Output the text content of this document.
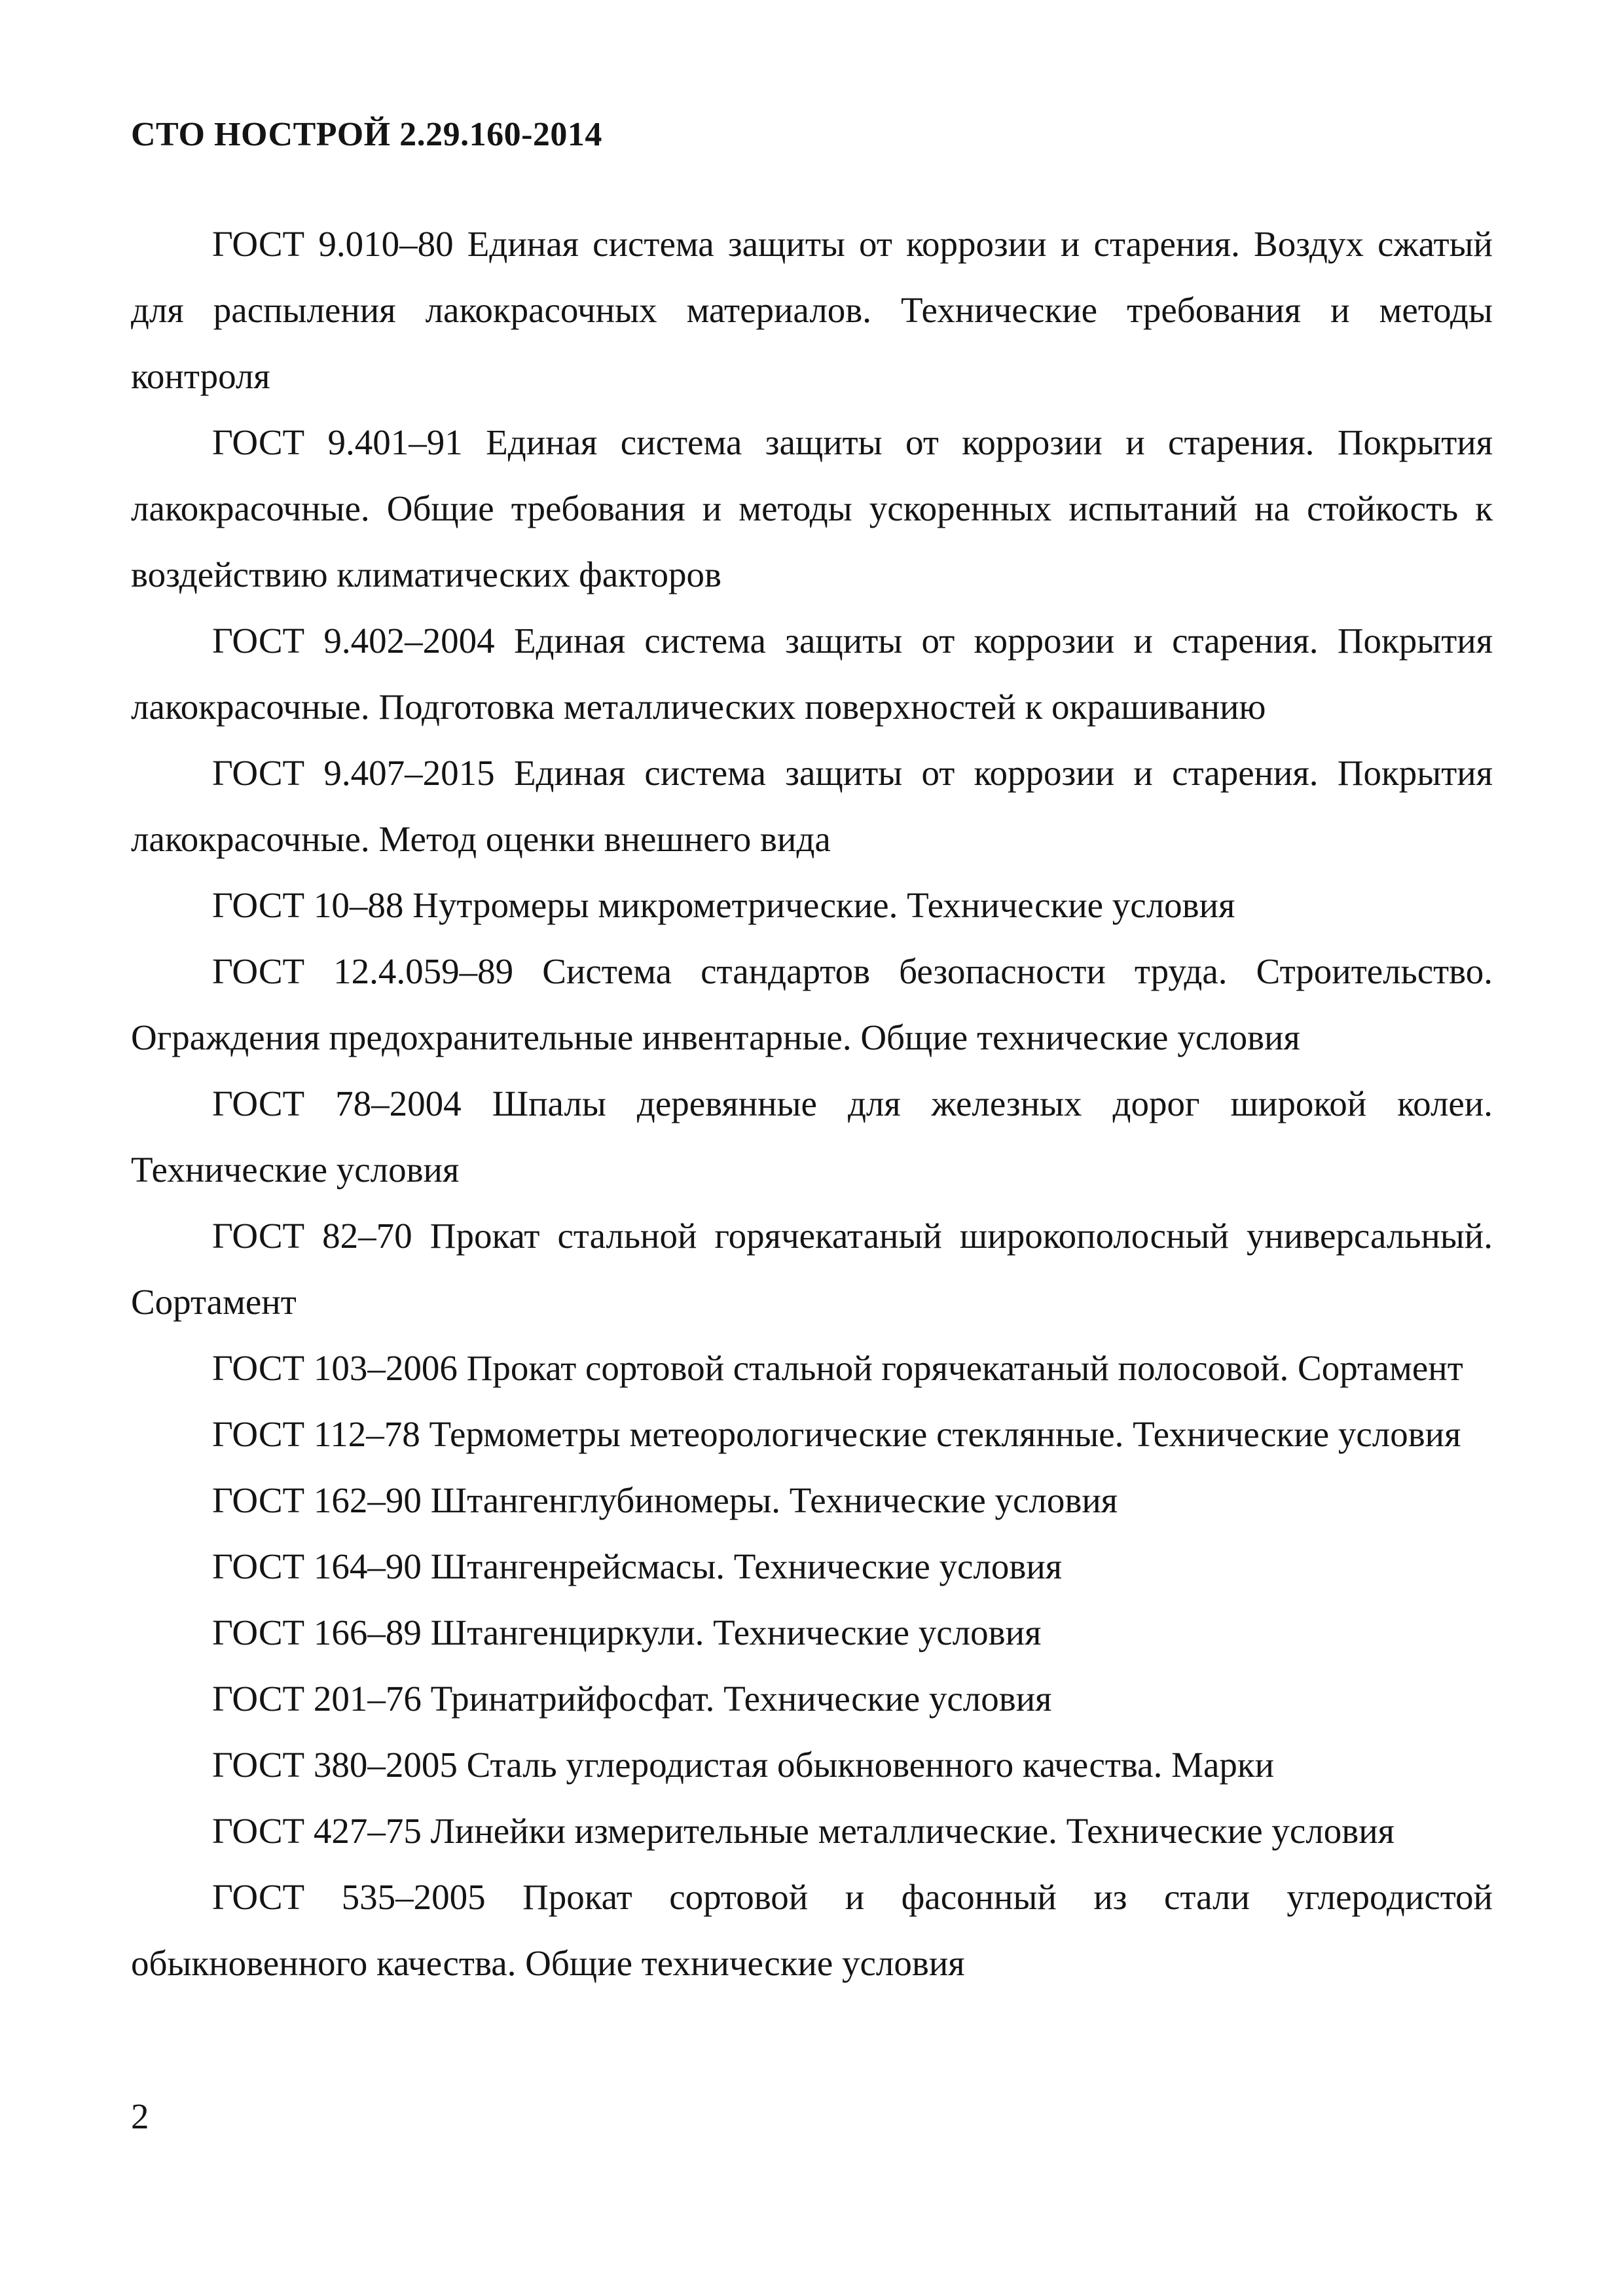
СТО НОСТРОЙ 2.29.160-2014
ГОСТ 9.010–80 Единая система защиты от коррозии и старения. Воздух сжатый для распыления лакокрасочных материалов. Технические требования и методы контроля
ГОСТ 9.401–91 Единая система защиты от коррозии и старения. Покрытия лакокрасочные. Общие требования и методы ускоренных испытаний на стойкость к воздействию климатических факторов
ГОСТ 9.402–2004 Единая система защиты от коррозии и старения. Покрытия лакокрасочные. Подготовка металлических поверхностей к окрашиванию
ГОСТ 9.407–2015 Единая система защиты от коррозии и старения. Покрытия лакокрасочные. Метод оценки внешнего вида
ГОСТ 10–88 Нутромеры микрометрические. Технические условия
ГОСТ 12.4.059–89 Система стандартов безопасности труда. Строительство. Ограждения предохранительные инвентарные. Общие технические условия
ГОСТ 78–2004 Шпалы деревянные для железных дорог широкой колеи. Технические условия
ГОСТ 82–70 Прокат стальной горячекатаный широкополосный универсальный. Сортамент
ГОСТ 103–2006 Прокат сортовой стальной горячекатаный полосовой. Сортамент
ГОСТ 112–78 Термометры метеорологические стеклянные. Технические условия
ГОСТ 162–90 Штангенглубиномеры. Технические условия
ГОСТ 164–90 Штангенрейсмасы. Технические условия
ГОСТ 166–89 Штангенциркули. Технические условия
ГОСТ 201–76 Тринатрийфосфат. Технические условия
ГОСТ 380–2005 Сталь углеродистая обыкновенного качества. Марки
ГОСТ 427–75 Линейки измерительные металлические. Технические условия
ГОСТ 535–2005 Прокат сортовой и фасонный из стали углеродистой обыкновенного качества. Общие технические условия
2
